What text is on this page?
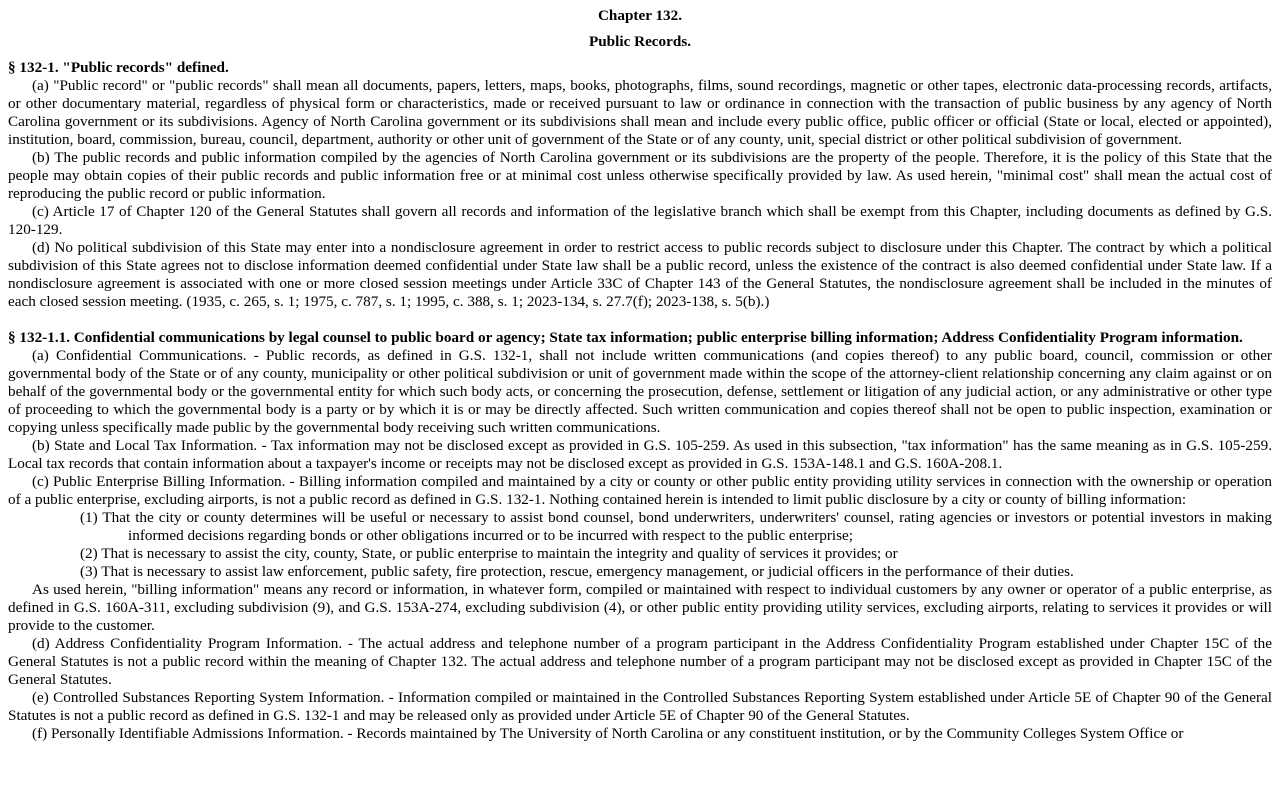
Chapter 132.

Public Records.

§ 132-1. "Public records" defined.

(a) "Public record" or "public records" shall mean all documents, papers, letters, maps, books, photographs, films, sound recordings, magnetic or other tapes, electronic data-processing records, artifacts, or other documentary material, regardless of physical form or characteristics, made or received pursuant to law or ordinance in connection with the transaction of public business by any agency of North Carolina government or its subdivisions. Agency of North Carolina government or its subdivisions shall mean and include every public office, public officer or official (State or local, elected or appointed), institution, board, commission, bureau, council, department, authority or other unit of government of the State or of any county, unit, special district or other political subdivision of government.

(b) The public records and public information compiled by the agencies of North Carolina government or its subdivisions are the property of the people. Therefore, it is the policy of this State that the people may obtain copies of their public records and public information free or at minimal cost unless otherwise specifically provided by law. As used herein, "minimal cost" shall mean the actual cost of reproducing the public record or public information.

(c) Article 17 of Chapter 120 of the General Statutes shall govern all records and information of the legislative branch which shall be exempt from this Chapter, including documents as defined by G.S. 120-129.

(d) No political subdivision of this State may enter into a nondisclosure agreement in order to restrict access to public records subject to disclosure under this Chapter. The contract by which a political subdivision of this State agrees not to disclose information deemed confidential under State law shall be a public record, unless the existence of the contract is also deemed confidential under State law. If a nondisclosure agreement is associated with one or more closed session meetings under Article 33C of Chapter 143 of the General Statutes, the nondisclosure agreement shall be included in the minutes of each closed session meeting. (1935, c. 265, s. 1; 1975, c. 787, s. 1; 1995, c. 388, s. 1; 2023-134, s. 27.7(f); 2023-138, s. 5(b).)

§ 132-1.1. Confidential communications by legal counsel to public board or agency; State tax information; public enterprise billing information; Address Confidentiality Program information.

(a) Confidential Communications. - Public records, as defined in G.S. 132-1, shall not include written communications (and copies thereof) to any public board, council, commission or other governmental body of the State or of any county, municipality or other political subdivision or unit of government made within the scope of the attorney-client relationship concerning any claim against or on behalf of the governmental body or the governmental entity for which such body acts, or concerning the prosecution, defense, settlement or litigation of any judicial action, or any administrative or other type of proceeding to which the governmental body is a party or by which it is or may be directly affected. Such written communication and copies thereof shall not be open to public inspection, examination or copying unless specifically made public by the governmental body receiving such written communications.

(b) State and Local Tax Information. - Tax information may not be disclosed except as provided in G.S. 105-259. As used in this subsection, "tax information" has the same meaning as in G.S. 105-259. Local tax records that contain information about a taxpayer's income or receipts may not be disclosed except as provided in G.S. 153A-148.1 and G.S. 160A-208.1.

(c) Public Enterprise Billing Information. - Billing information compiled and maintained by a city or county or other public entity providing utility services in connection with the ownership or operation of a public enterprise, excluding airports, is not a public record as defined in G.S. 132-1. Nothing contained herein is intended to limit public disclosure by a city or county of billing information:

(1) That the city or county determines will be useful or necessary to assist bond counsel, bond underwriters, underwriters' counsel, rating agencies or investors or potential investors in making informed decisions regarding bonds or other obligations incurred or to be incurred with respect to the public enterprise;

(2) That is necessary to assist the city, county, State, or public enterprise to maintain the integrity and quality of services it provides; or

(3) That is necessary to assist law enforcement, public safety, fire protection, rescue, emergency management, or judicial officers in the performance of their duties.

As used herein, "billing information" means any record or information, in whatever form, compiled or maintained with respect to individual customers by any owner or operator of a public enterprise, as defined in G.S. 160A-311, excluding subdivision (9), and G.S. 153A-274, excluding subdivision (4), or other public entity providing utility services, excluding airports, relating to services it provides or will provide to the customer.

(d) Address Confidentiality Program Information. - The actual address and telephone number of a program participant in the Address Confidentiality Program established under Chapter 15C of the General Statutes is not a public record within the meaning of Chapter 132. The actual address and telephone number of a program participant may not be disclosed except as provided in Chapter 15C of the General Statutes.

(e) Controlled Substances Reporting System Information. - Information compiled or maintained in the Controlled Substances Reporting System established under Article 5E of Chapter 90 of the General Statutes is not a public record as defined in G.S. 132-1 and may be released only as provided under Article 5E of Chapter 90 of the General Statutes.

(f) Personally Identifiable Admissions Information. - Records maintained by The University of North Carolina or any constituent institution, or by the Community Colleges System Office or
